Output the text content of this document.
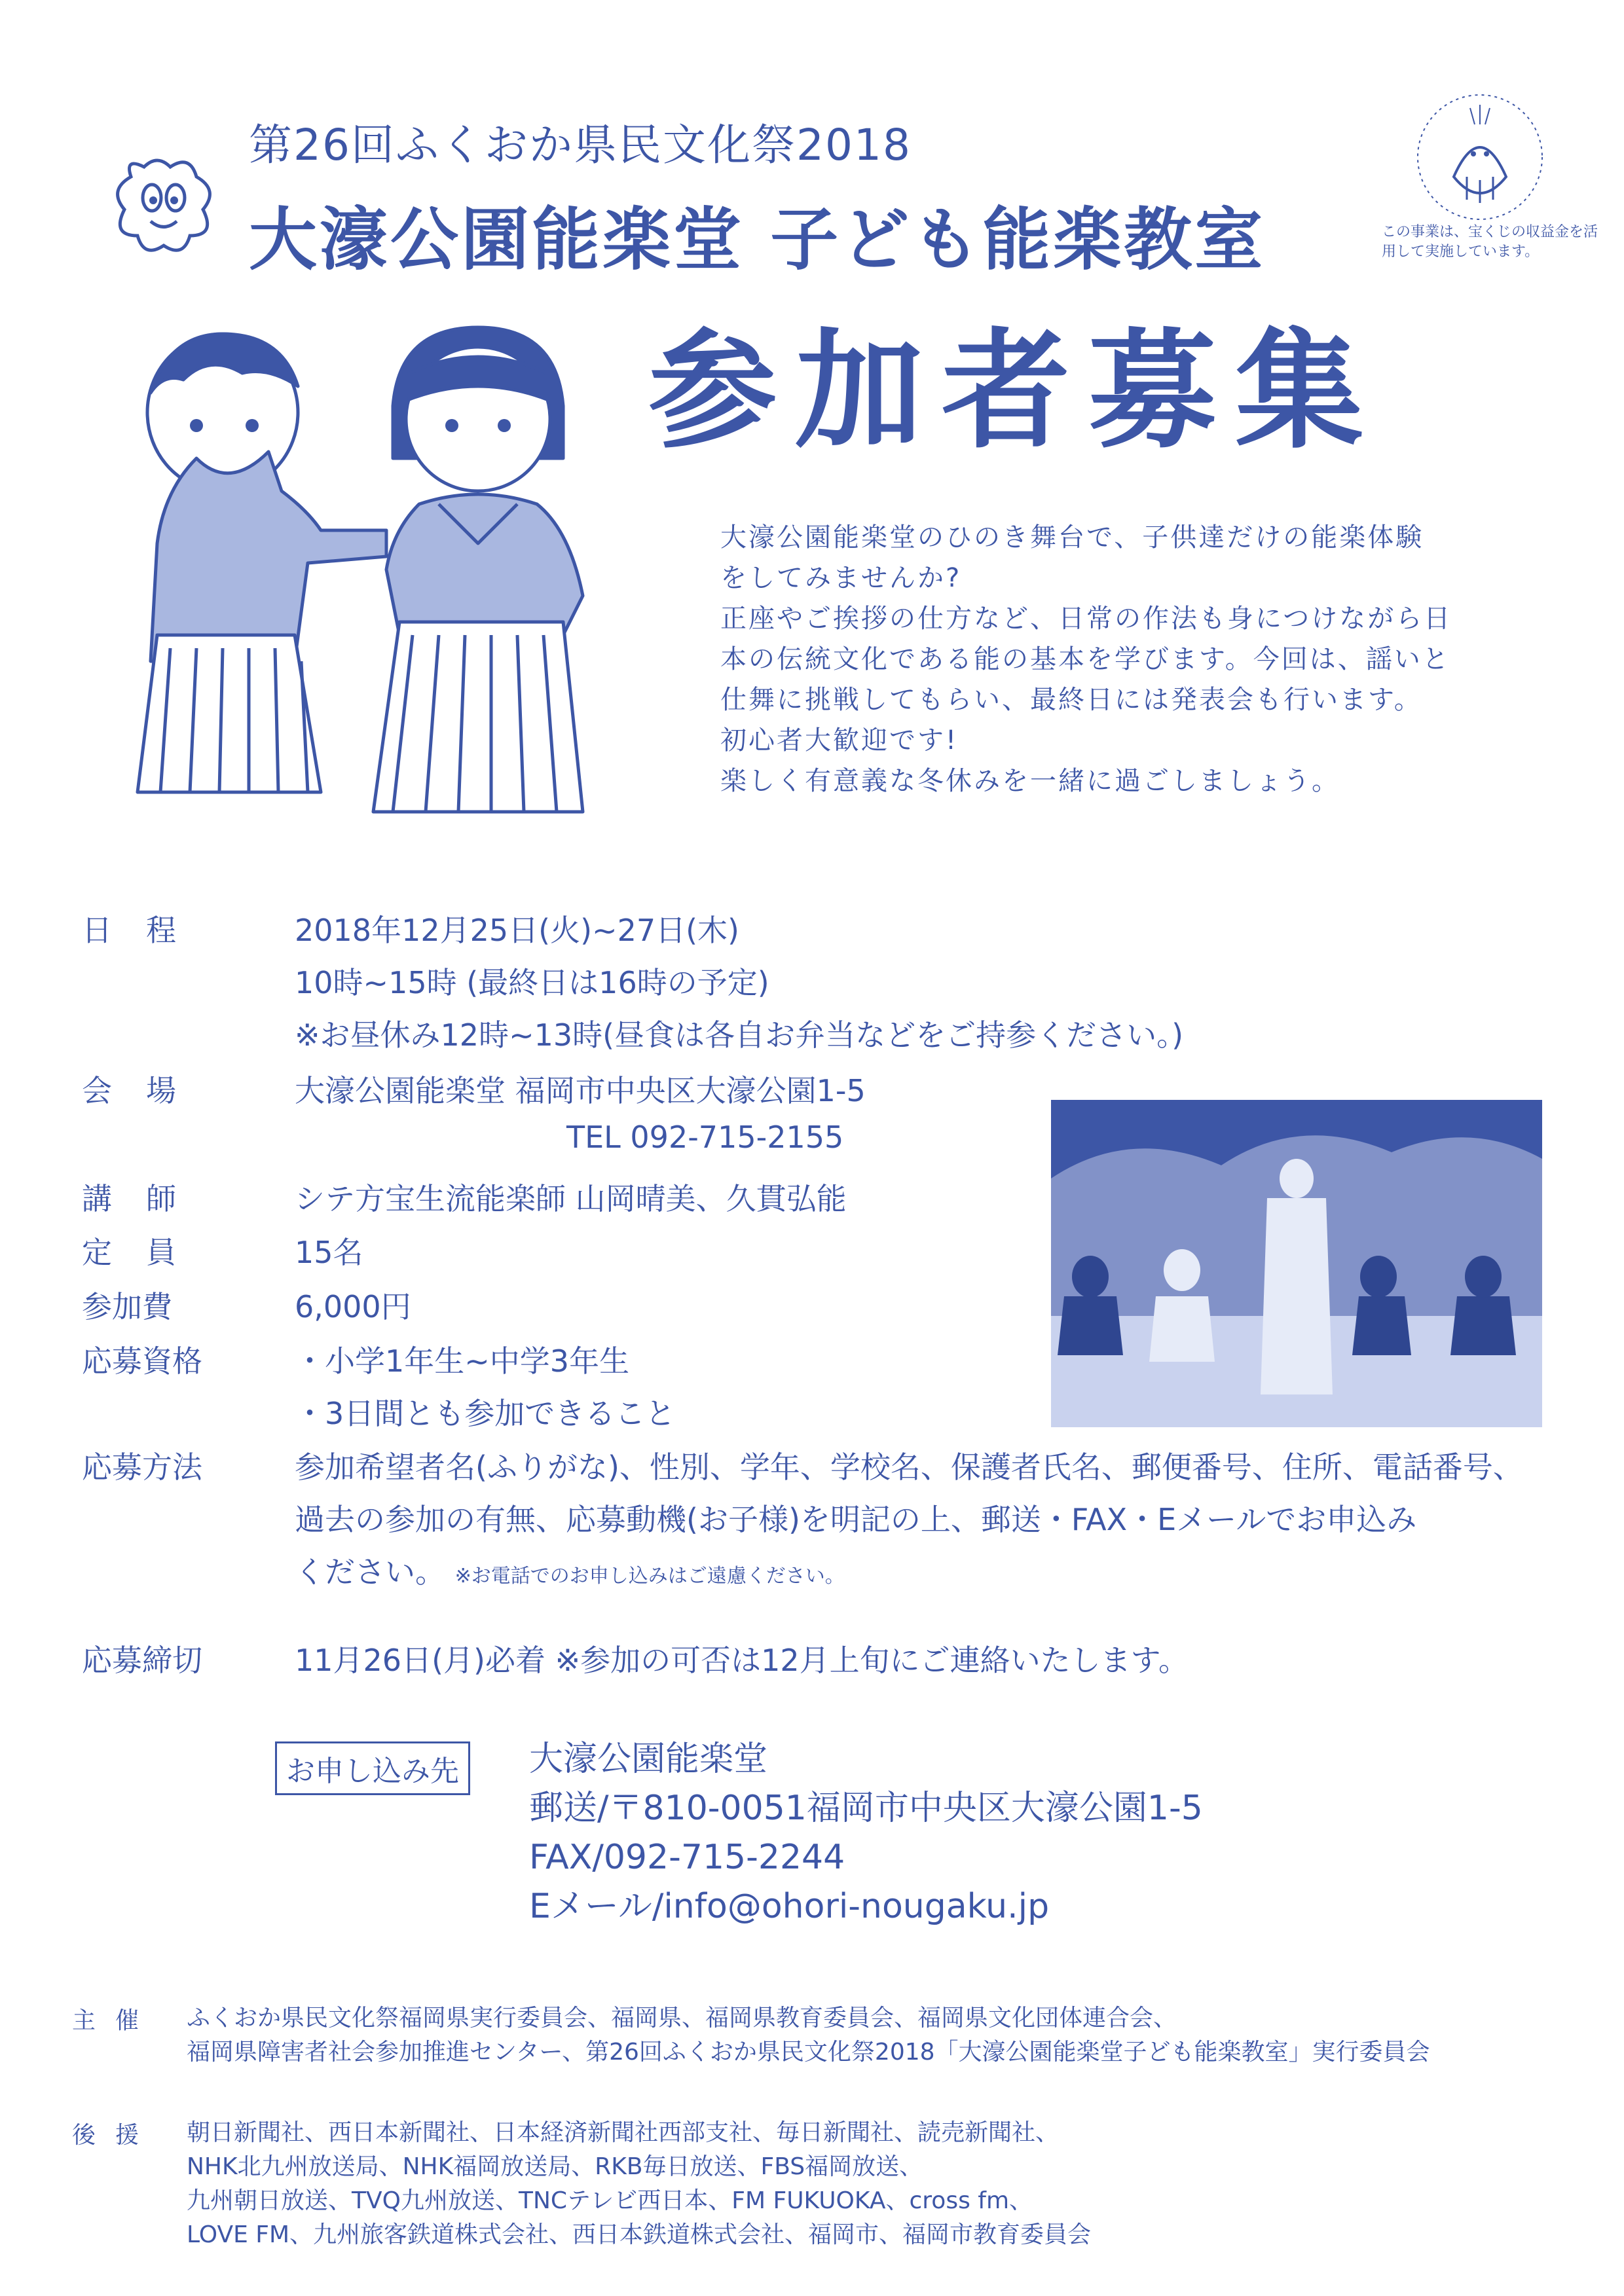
第26回ふくおか県民文化祭2018
大濠公園能楽堂 子ども能楽教室
参加者募集
この事業は、宝くじの収益金を活用して実施しています。

大濠公園能楽堂のひのき舞台で、子供達だけの能楽体験

をしてみませんか?

正座やご挨拶の仕方など、日常の作法も身につけながら日

本の伝統文化である能の基本を学びます。今回は、謡いと

仕舞に挑戦してもらい、最終日には発表会も行います。

初心者大歓迎です!

楽しく有意義な冬休みを一緒に過ごしましょう。

日程	2018年12月25日(火)~27日(木)
10時~15時 (最終日は16時の予定)
※お昼休み12時~13時(昼食は各自お弁当などをご持参ください。)
会場	大濠公園能楽堂 福岡市中央区大濠公園1-5
TEL 092-715-2155
講師	シテ方宝生流能楽師 山岡晴美、久貫弘能
定員	15名
参加費	6,000円
応募資格	・小学1年生~中学3年生
・3日間とも参加できること
応募方法	参加希望者名(ふりがな)、性別、学年、学校名、保護者氏名、郵便番号、住所、電話番号、
過去の参加の有無、応募動機(お子様)を明記の上、郵送・FAX・Eメールでお申込み
ください。 ※お電話でのお申し込みはご遠慮ください。
応募締切	11月26日(月)必着 ※参加の可否は12月上旬にご連絡いたします。
お申し込み先	大濠公園能楽堂
郵送/〒810-0051福岡市中央区大濠公園1-5
FAX/092-715-2244
Eメール/info@ohori-nougaku.jp
主催 ふくおか県民文化祭福岡県実行委員会、福岡県、福岡県教育委員会、福岡県文化団体連合会、
福岡県障害者社会参加推進センター、第26回ふくおか県民文化祭2018「大濠公園能楽堂子ども能楽教室」実行委員会
後援 朝日新聞社、西日本新聞社、日本経済新聞社西部支社、毎日新聞社、読売新聞社、
NHK北九州放送局、NHK福岡放送局、RKB毎日放送、FBS福岡放送、
九州朝日放送、TVQ九州放送、TNCテレビ西日本、FM FUKUOKA、cross fm、
LOVE FM、九州旅客鉄道株式会社、西日本鉄道株式会社、福岡市、福岡市教育委員会
